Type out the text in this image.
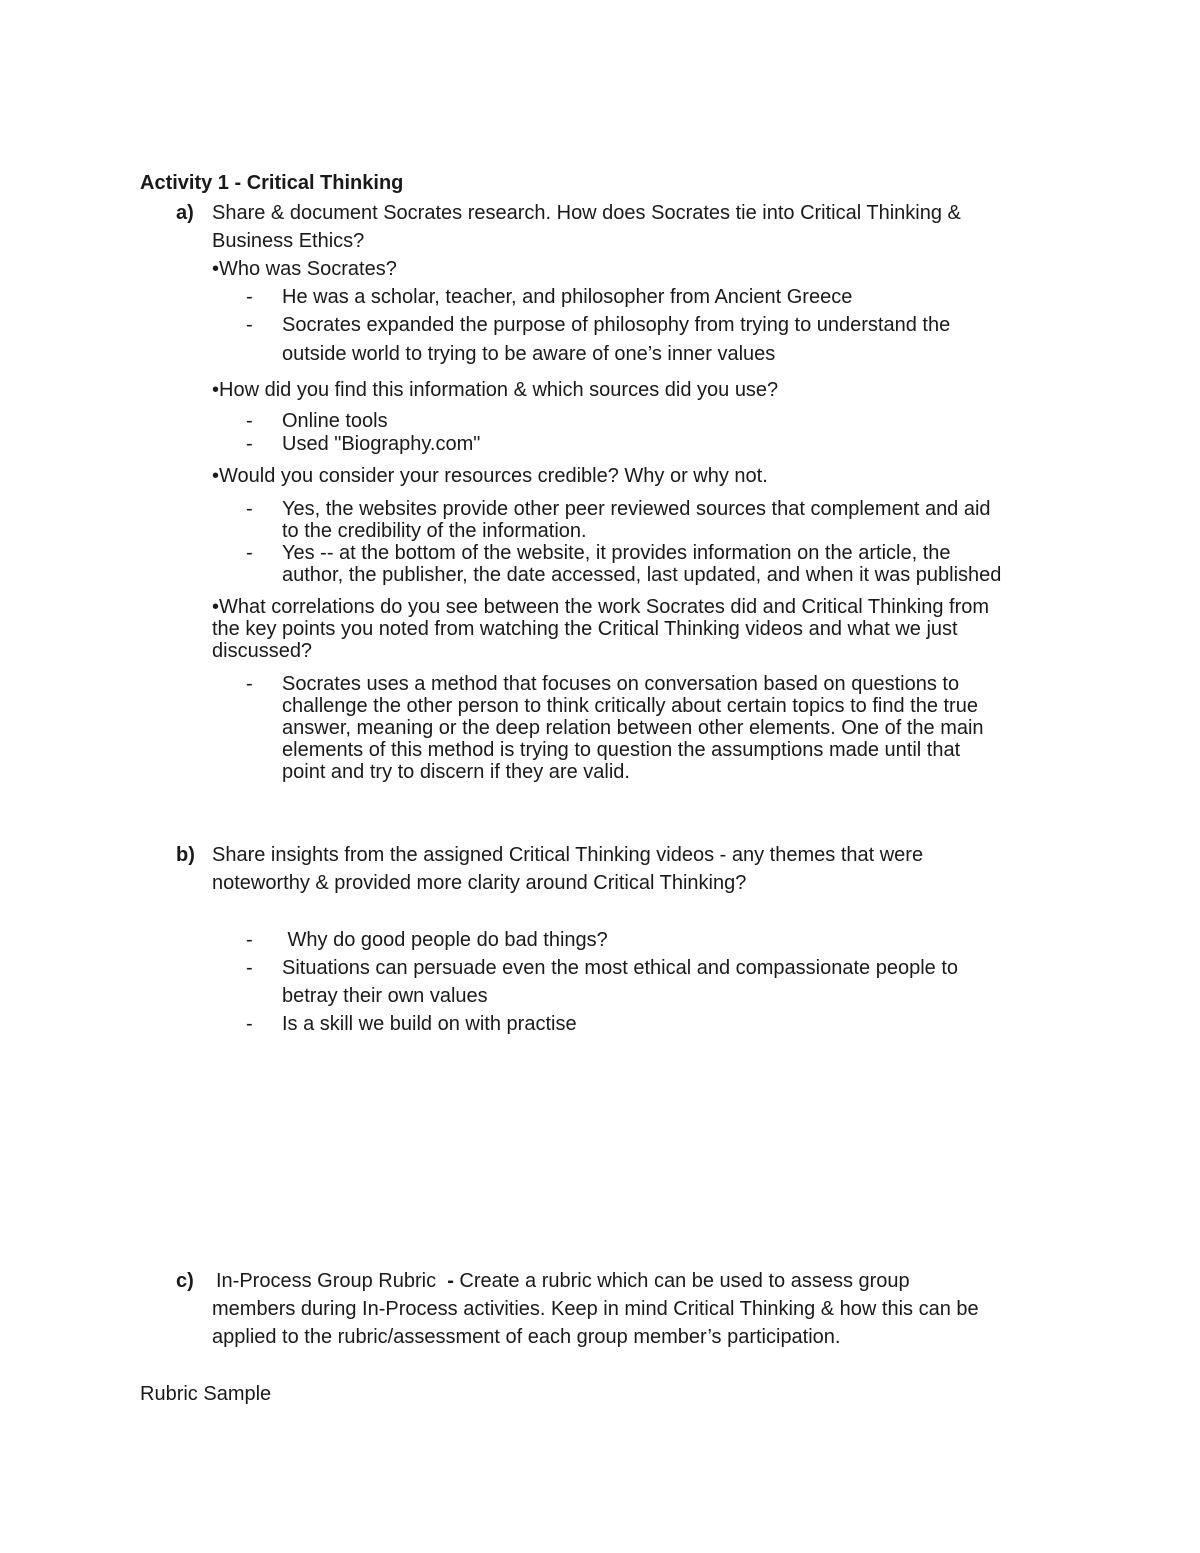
Activity 1 - Critical Thinking
a) Share & document Socrates research. How does Socrates tie into Critical Thinking &
Business Ethics?
•Who was Socrates?
- He was a scholar, teacher, and philosopher from Ancient Greece
- Socrates expanded the purpose of philosophy from trying to understand the
outside world to trying to be aware of one’s inner values
•How did you find this information & which sources did you use?
- Online tools
- Used "Biography.com"
•Would you consider your resources credible? Why or why not.
- Yes, the websites provide other peer reviewed sources that complement and aid
to the credibility of the information.
- Yes -- at the bottom of the website, it provides information on the article, the
author, the publisher, the date accessed, last updated, and when it was published
•What correlations do you see between the work Socrates did and Critical Thinking from
the key points you noted from watching the Critical Thinking videos and what we just
discussed?
- Socrates uses a method that focuses on conversation based on questions to
challenge the other person to think critically about certain topics to find the true
answer, meaning or the deep relation between other elements. One of the main
elements of this method is trying to question the assumptions made until that
point and try to discern if they are valid.
b) Share insights from the assigned Critical Thinking videos - any themes that were
noteworthy & provided more clarity around Critical Thinking?
- Why do good people do bad things?
- Situations can persuade even the most ethical and compassionate people to
betray their own values
- Is a skill we build on with practise
c) In-Process Group Rubric  - Create a rubric which can be used to assess group
members during In-Process activities. Keep in mind Critical Thinking & how this can be
applied to the rubric/assessment of each group member’s participation.
Rubric Sample
